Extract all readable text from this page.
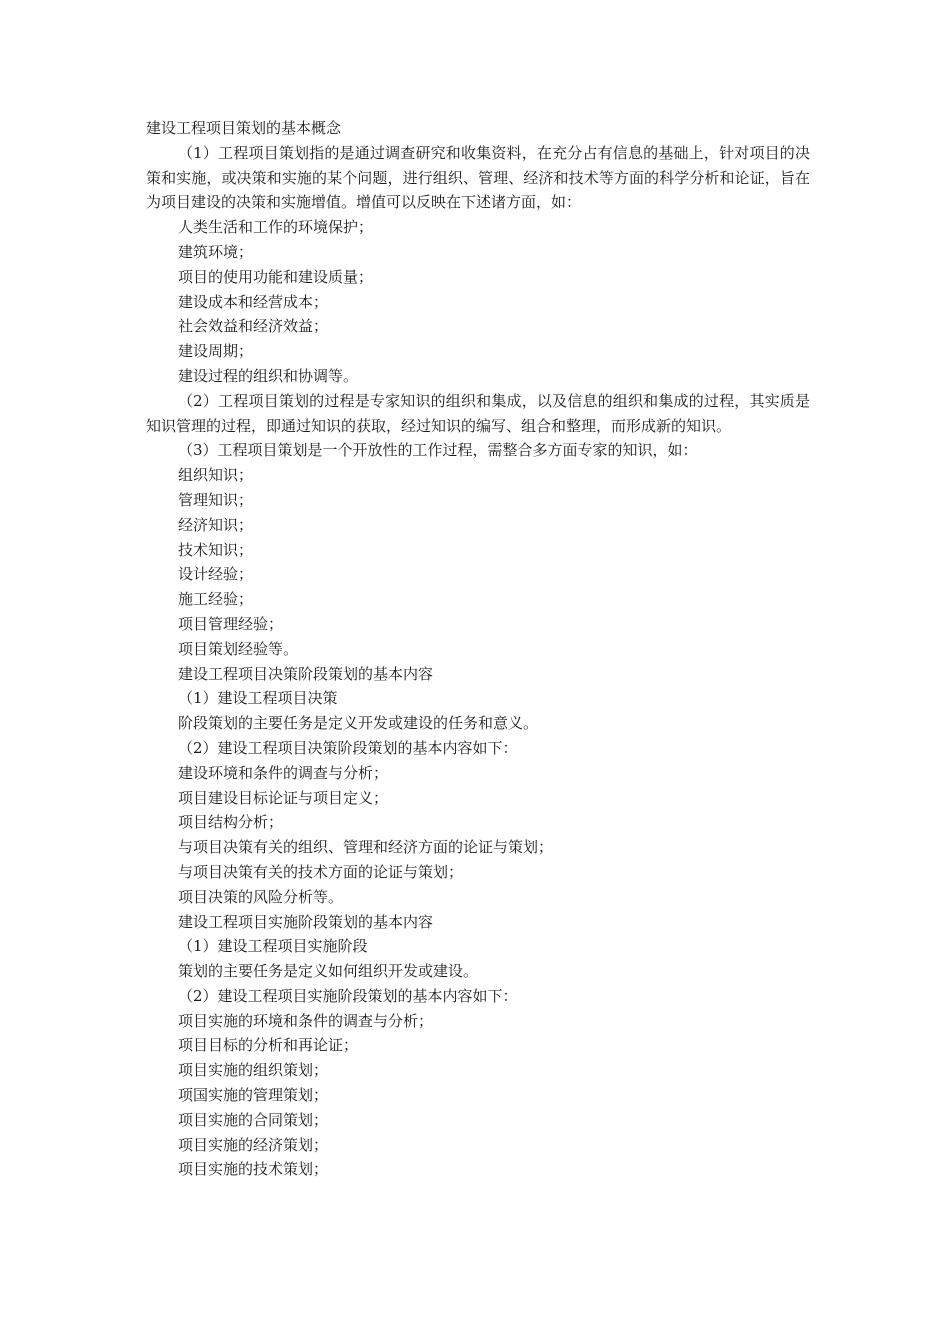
建设工程项目策划的基本概念
（1）工程项目策划指的是通过调查研究和收集资料，在充分占有信息的基础上，针对项目的决策和实施，或决策和实施的某个问题，进行组织、管理、经济和技术等方面的科学分析和论证，旨在为项目建设的决策和实施增值。增值可以反映在下述诸方面，如：
人类生活和工作的环境保护；
建筑环境；
项目的使用功能和建设质量；
建设成本和经营成本；
社会效益和经济效益；
建设周期；
建设过程的组织和协调等。
（2）工程项目策划的过程是专家知识的组织和集成，以及信息的组织和集成的过程，其实质是知识管理的过程，即通过知识的获取，经过知识的编写、组合和整理，而形成新的知识。
（3）工程项目策划是一个开放性的工作过程，需整合多方面专家的知识，如：
组织知识；
管理知识；
经济知识；
技术知识；
设计经验；
施工经验；
项目管理经验；
项目策划经验等。
建设工程项目决策阶段策划的基本内容
（1）建设工程项目决策
阶段策划的主要任务是定义开发或建设的任务和意义。
（2）建设工程项目决策阶段策划的基本内容如下：
建设环境和条件的调查与分析；
项目建设目标论证与项目定义；
项目结构分析；
与项目决策有关的组织、管理和经济方面的论证与策划；
与项目决策有关的技术方面的论证与策划；
项目决策的风险分析等。
建设工程项目实施阶段策划的基本内容
（1）建设工程项目实施阶段
策划的主要任务是定义如何组织开发或建设。
（2）建设工程项目实施阶段策划的基本内容如下：
项目实施的环境和条件的调查与分析；
项目目标的分析和再论证；
项目实施的组织策划；
项国实施的管理策划；
项目实施的合同策划；
项目实施的经济策划；
项目实施的技术策划；
